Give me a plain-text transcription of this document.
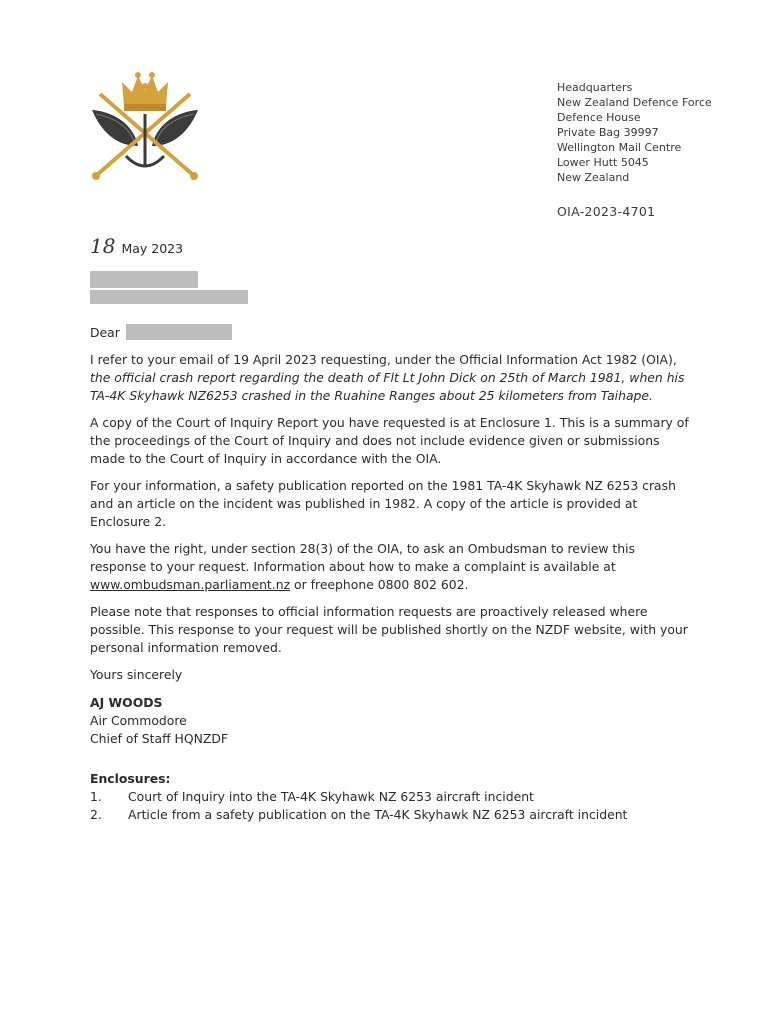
Headquarters
New Zealand Defence Force
Defence House
Private Bag 39997
Wellington Mail Centre
Lower Hutt 5045
New Zealand
OIA-2023-4701
18 May 2023

Dear

I refer to your email of 19 April 2023 requesting, under the Official Information Act 1982 (OIA), the official crash report regarding the death of Flt Lt John Dick on 25th of March 1981, when his TA-4K Skyhawk NZ6253 crashed in the Ruahine Ranges about 25 kilometers from Taihape.

A copy of the Court of Inquiry Report you have requested is at Enclosure 1. This is a summary of the proceedings of the Court of Inquiry and does not include evidence given or submissions made to the Court of Inquiry in accordance with the OIA.

For your information, a safety publication reported on the 1981 TA-4K Skyhawk NZ 6253 crash and an article on the incident was published in 1982. A copy of the article is provided at Enclosure 2.

You have the right, under section 28(3) of the OIA, to ask an Ombudsman to review this response to your request. Information about how to make a complaint is available at www.ombudsman.parliament.nz or freephone 0800 802 602.

Please note that responses to official information requests are proactively released where possible. This response to your request will be published shortly on the NZDF website, with your personal information removed.

Yours sincerely

AJ WOODS
Air Commodore
Chief of Staff HQNZDF
Enclosures:
1.	Court of Inquiry into the TA-4K Skyhawk NZ 6253 aircraft incident
2.	Article from a safety publication on the TA-4K Skyhawk NZ 6253 aircraft incident
